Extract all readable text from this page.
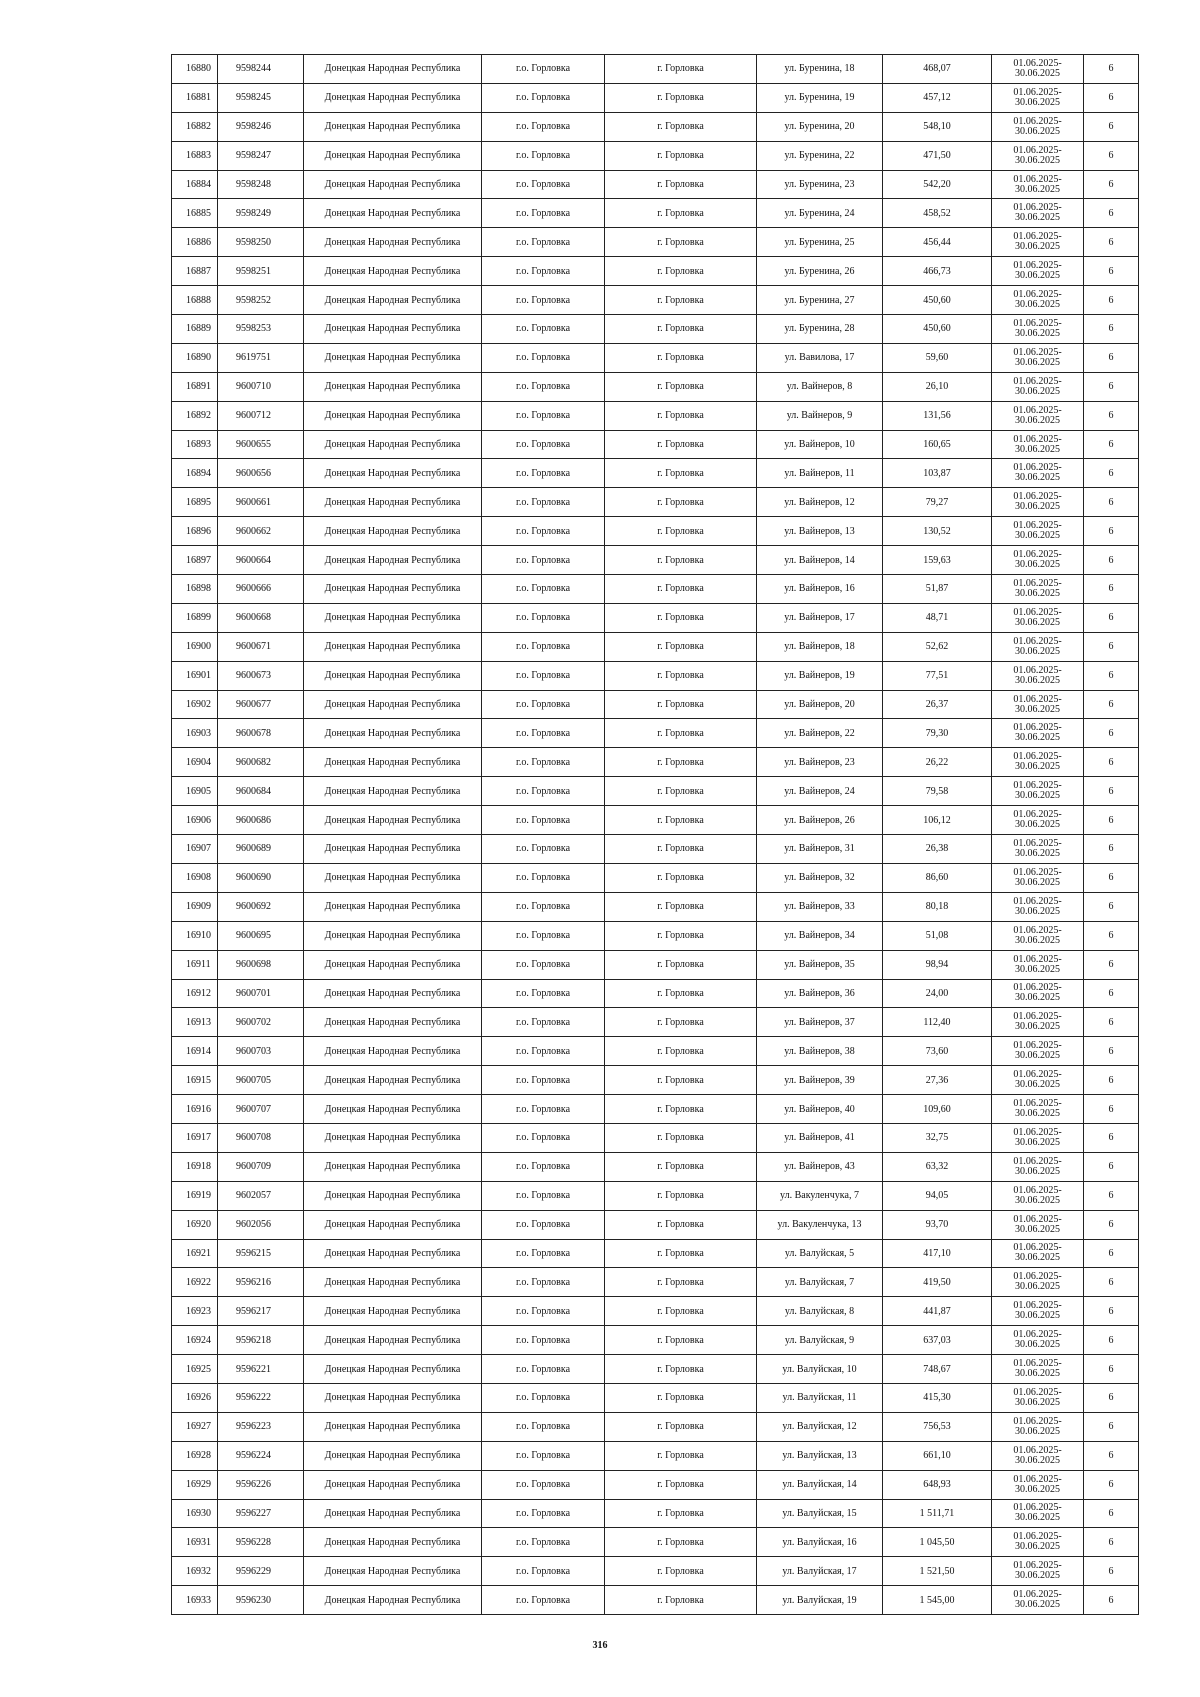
16880	9598244	Донецкая Народная Республика	г.о. Горловка	г. Горловка	ул. Буренина, 18	468,07	01.06.2025-30.06.2025	6
16881	9598245	Донецкая Народная Республика	г.о. Горловка	г. Горловка	ул. Буренина, 19	457,12	01.06.2025-30.06.2025	6
16882	9598246	Донецкая Народная Республика	г.о. Горловка	г. Горловка	ул. Буренина, 20	548,10	01.06.2025-30.06.2025	6
16883	9598247	Донецкая Народная Республика	г.о. Горловка	г. Горловка	ул. Буренина, 22	471,50	01.06.2025-30.06.2025	6
16884	9598248	Донецкая Народная Республика	г.о. Горловка	г. Горловка	ул. Буренина, 23	542,20	01.06.2025-30.06.2025	6
16885	9598249	Донецкая Народная Республика	г.о. Горловка	г. Горловка	ул. Буренина, 24	458,52	01.06.2025-30.06.2025	6
16886	9598250	Донецкая Народная Республика	г.о. Горловка	г. Горловка	ул. Буренина, 25	456,44	01.06.2025-30.06.2025	6
16887	9598251	Донецкая Народная Республика	г.о. Горловка	г. Горловка	ул. Буренина, 26	466,73	01.06.2025-30.06.2025	6
16888	9598252	Донецкая Народная Республика	г.о. Горловка	г. Горловка	ул. Буренина, 27	450,60	01.06.2025-30.06.2025	6
16889	9598253	Донецкая Народная Республика	г.о. Горловка	г. Горловка	ул. Буренина, 28	450,60	01.06.2025-30.06.2025	6
16890	9619751	Донецкая Народная Республика	г.о. Горловка	г. Горловка	ул. Вавилова, 17	59,60	01.06.2025-30.06.2025	6
16891	9600710	Донецкая Народная Республика	г.о. Горловка	г. Горловка	ул. Вайнеров, 8	26,10	01.06.2025-30.06.2025	6
16892	9600712	Донецкая Народная Республика	г.о. Горловка	г. Горловка	ул. Вайнеров, 9	131,56	01.06.2025-30.06.2025	6
16893	9600655	Донецкая Народная Республика	г.о. Горловка	г. Горловка	ул. Вайнеров, 10	160,65	01.06.2025-30.06.2025	6
16894	9600656	Донецкая Народная Республика	г.о. Горловка	г. Горловка	ул. Вайнеров, 11	103,87	01.06.2025-30.06.2025	6
16895	9600661	Донецкая Народная Республика	г.о. Горловка	г. Горловка	ул. Вайнеров, 12	79,27	01.06.2025-30.06.2025	6
16896	9600662	Донецкая Народная Республика	г.о. Горловка	г. Горловка	ул. Вайнеров, 13	130,52	01.06.2025-30.06.2025	6
16897	9600664	Донецкая Народная Республика	г.о. Горловка	г. Горловка	ул. Вайнеров, 14	159,63	01.06.2025-30.06.2025	6
16898	9600666	Донецкая Народная Республика	г.о. Горловка	г. Горловка	ул. Вайнеров, 16	51,87	01.06.2025-30.06.2025	6
16899	9600668	Донецкая Народная Республика	г.о. Горловка	г. Горловка	ул. Вайнеров, 17	48,71	01.06.2025-30.06.2025	6
16900	9600671	Донецкая Народная Республика	г.о. Горловка	г. Горловка	ул. Вайнеров, 18	52,62	01.06.2025-30.06.2025	6
16901	9600673	Донецкая Народная Республика	г.о. Горловка	г. Горловка	ул. Вайнеров, 19	77,51	01.06.2025-30.06.2025	6
16902	9600677	Донецкая Народная Республика	г.о. Горловка	г. Горловка	ул. Вайнеров, 20	26,37	01.06.2025-30.06.2025	6
16903	9600678	Донецкая Народная Республика	г.о. Горловка	г. Горловка	ул. Вайнеров, 22	79,30	01.06.2025-30.06.2025	6
16904	9600682	Донецкая Народная Республика	г.о. Горловка	г. Горловка	ул. Вайнеров, 23	26,22	01.06.2025-30.06.2025	6
16905	9600684	Донецкая Народная Республика	г.о. Горловка	г. Горловка	ул. Вайнеров, 24	79,58	01.06.2025-30.06.2025	6
16906	9600686	Донецкая Народная Республика	г.о. Горловка	г. Горловка	ул. Вайнеров, 26	106,12	01.06.2025-30.06.2025	6
16907	9600689	Донецкая Народная Республика	г.о. Горловка	г. Горловка	ул. Вайнеров, 31	26,38	01.06.2025-30.06.2025	6
16908	9600690	Донецкая Народная Республика	г.о. Горловка	г. Горловка	ул. Вайнеров, 32	86,60	01.06.2025-30.06.2025	6
16909	9600692	Донецкая Народная Республика	г.о. Горловка	г. Горловка	ул. Вайнеров, 33	80,18	01.06.2025-30.06.2025	6
16910	9600695	Донецкая Народная Республика	г.о. Горловка	г. Горловка	ул. Вайнеров, 34	51,08	01.06.2025-30.06.2025	6
16911	9600698	Донецкая Народная Республика	г.о. Горловка	г. Горловка	ул. Вайнеров, 35	98,94	01.06.2025-30.06.2025	6
16912	9600701	Донецкая Народная Республика	г.о. Горловка	г. Горловка	ул. Вайнеров, 36	24,00	01.06.2025-30.06.2025	6
16913	9600702	Донецкая Народная Республика	г.о. Горловка	г. Горловка	ул. Вайнеров, 37	112,40	01.06.2025-30.06.2025	6
16914	9600703	Донецкая Народная Республика	г.о. Горловка	г. Горловка	ул. Вайнеров, 38	73,60	01.06.2025-30.06.2025	6
16915	9600705	Донецкая Народная Республика	г.о. Горловка	г. Горловка	ул. Вайнеров, 39	27,36	01.06.2025-30.06.2025	6
16916	9600707	Донецкая Народная Республика	г.о. Горловка	г. Горловка	ул. Вайнеров, 40	109,60	01.06.2025-30.06.2025	6
16917	9600708	Донецкая Народная Республика	г.о. Горловка	г. Горловка	ул. Вайнеров, 41	32,75	01.06.2025-30.06.2025	6
16918	9600709	Донецкая Народная Республика	г.о. Горловка	г. Горловка	ул. Вайнеров, 43	63,32	01.06.2025-30.06.2025	6
16919	9602057	Донецкая Народная Республика	г.о. Горловка	г. Горловка	ул. Вакуленчука, 7	94,05	01.06.2025-30.06.2025	6
16920	9602056	Донецкая Народная Республика	г.о. Горловка	г. Горловка	ул. Вакуленчука, 13	93,70	01.06.2025-30.06.2025	6
16921	9596215	Донецкая Народная Республика	г.о. Горловка	г. Горловка	ул. Валуйская, 5	417,10	01.06.2025-30.06.2025	6
16922	9596216	Донецкая Народная Республика	г.о. Горловка	г. Горловка	ул. Валуйская, 7	419,50	01.06.2025-30.06.2025	6
16923	9596217	Донецкая Народная Республика	г.о. Горловка	г. Горловка	ул. Валуйская, 8	441,87	01.06.2025-30.06.2025	6
16924	9596218	Донецкая Народная Республика	г.о. Горловка	г. Горловка	ул. Валуйская, 9	637,03	01.06.2025-30.06.2025	6
16925	9596221	Донецкая Народная Республика	г.о. Горловка	г. Горловка	ул. Валуйская, 10	748,67	01.06.2025-30.06.2025	6
16926	9596222	Донецкая Народная Республика	г.о. Горловка	г. Горловка	ул. Валуйская, 11	415,30	01.06.2025-30.06.2025	6
16927	9596223	Донецкая Народная Республика	г.о. Горловка	г. Горловка	ул. Валуйская, 12	756,53	01.06.2025-30.06.2025	6
16928	9596224	Донецкая Народная Республика	г.о. Горловка	г. Горловка	ул. Валуйская, 13	661,10	01.06.2025-30.06.2025	6
16929	9596226	Донецкая Народная Республика	г.о. Горловка	г. Горловка	ул. Валуйская, 14	648,93	01.06.2025-30.06.2025	6
16930	9596227	Донецкая Народная Республика	г.о. Горловка	г. Горловка	ул. Валуйская, 15	1 511,71	01.06.2025-30.06.2025	6
16931	9596228	Донецкая Народная Республика	г.о. Горловка	г. Горловка	ул. Валуйская, 16	1 045,50	01.06.2025-30.06.2025	6
16932	9596229	Донецкая Народная Республика	г.о. Горловка	г. Горловка	ул. Валуйская, 17	1 521,50	01.06.2025-30.06.2025	6
16933	9596230	Донецкая Народная Республика	г.о. Горловка	г. Горловка	ул. Валуйская, 19	1 545,00	01.06.2025-30.06.2025	6
316
